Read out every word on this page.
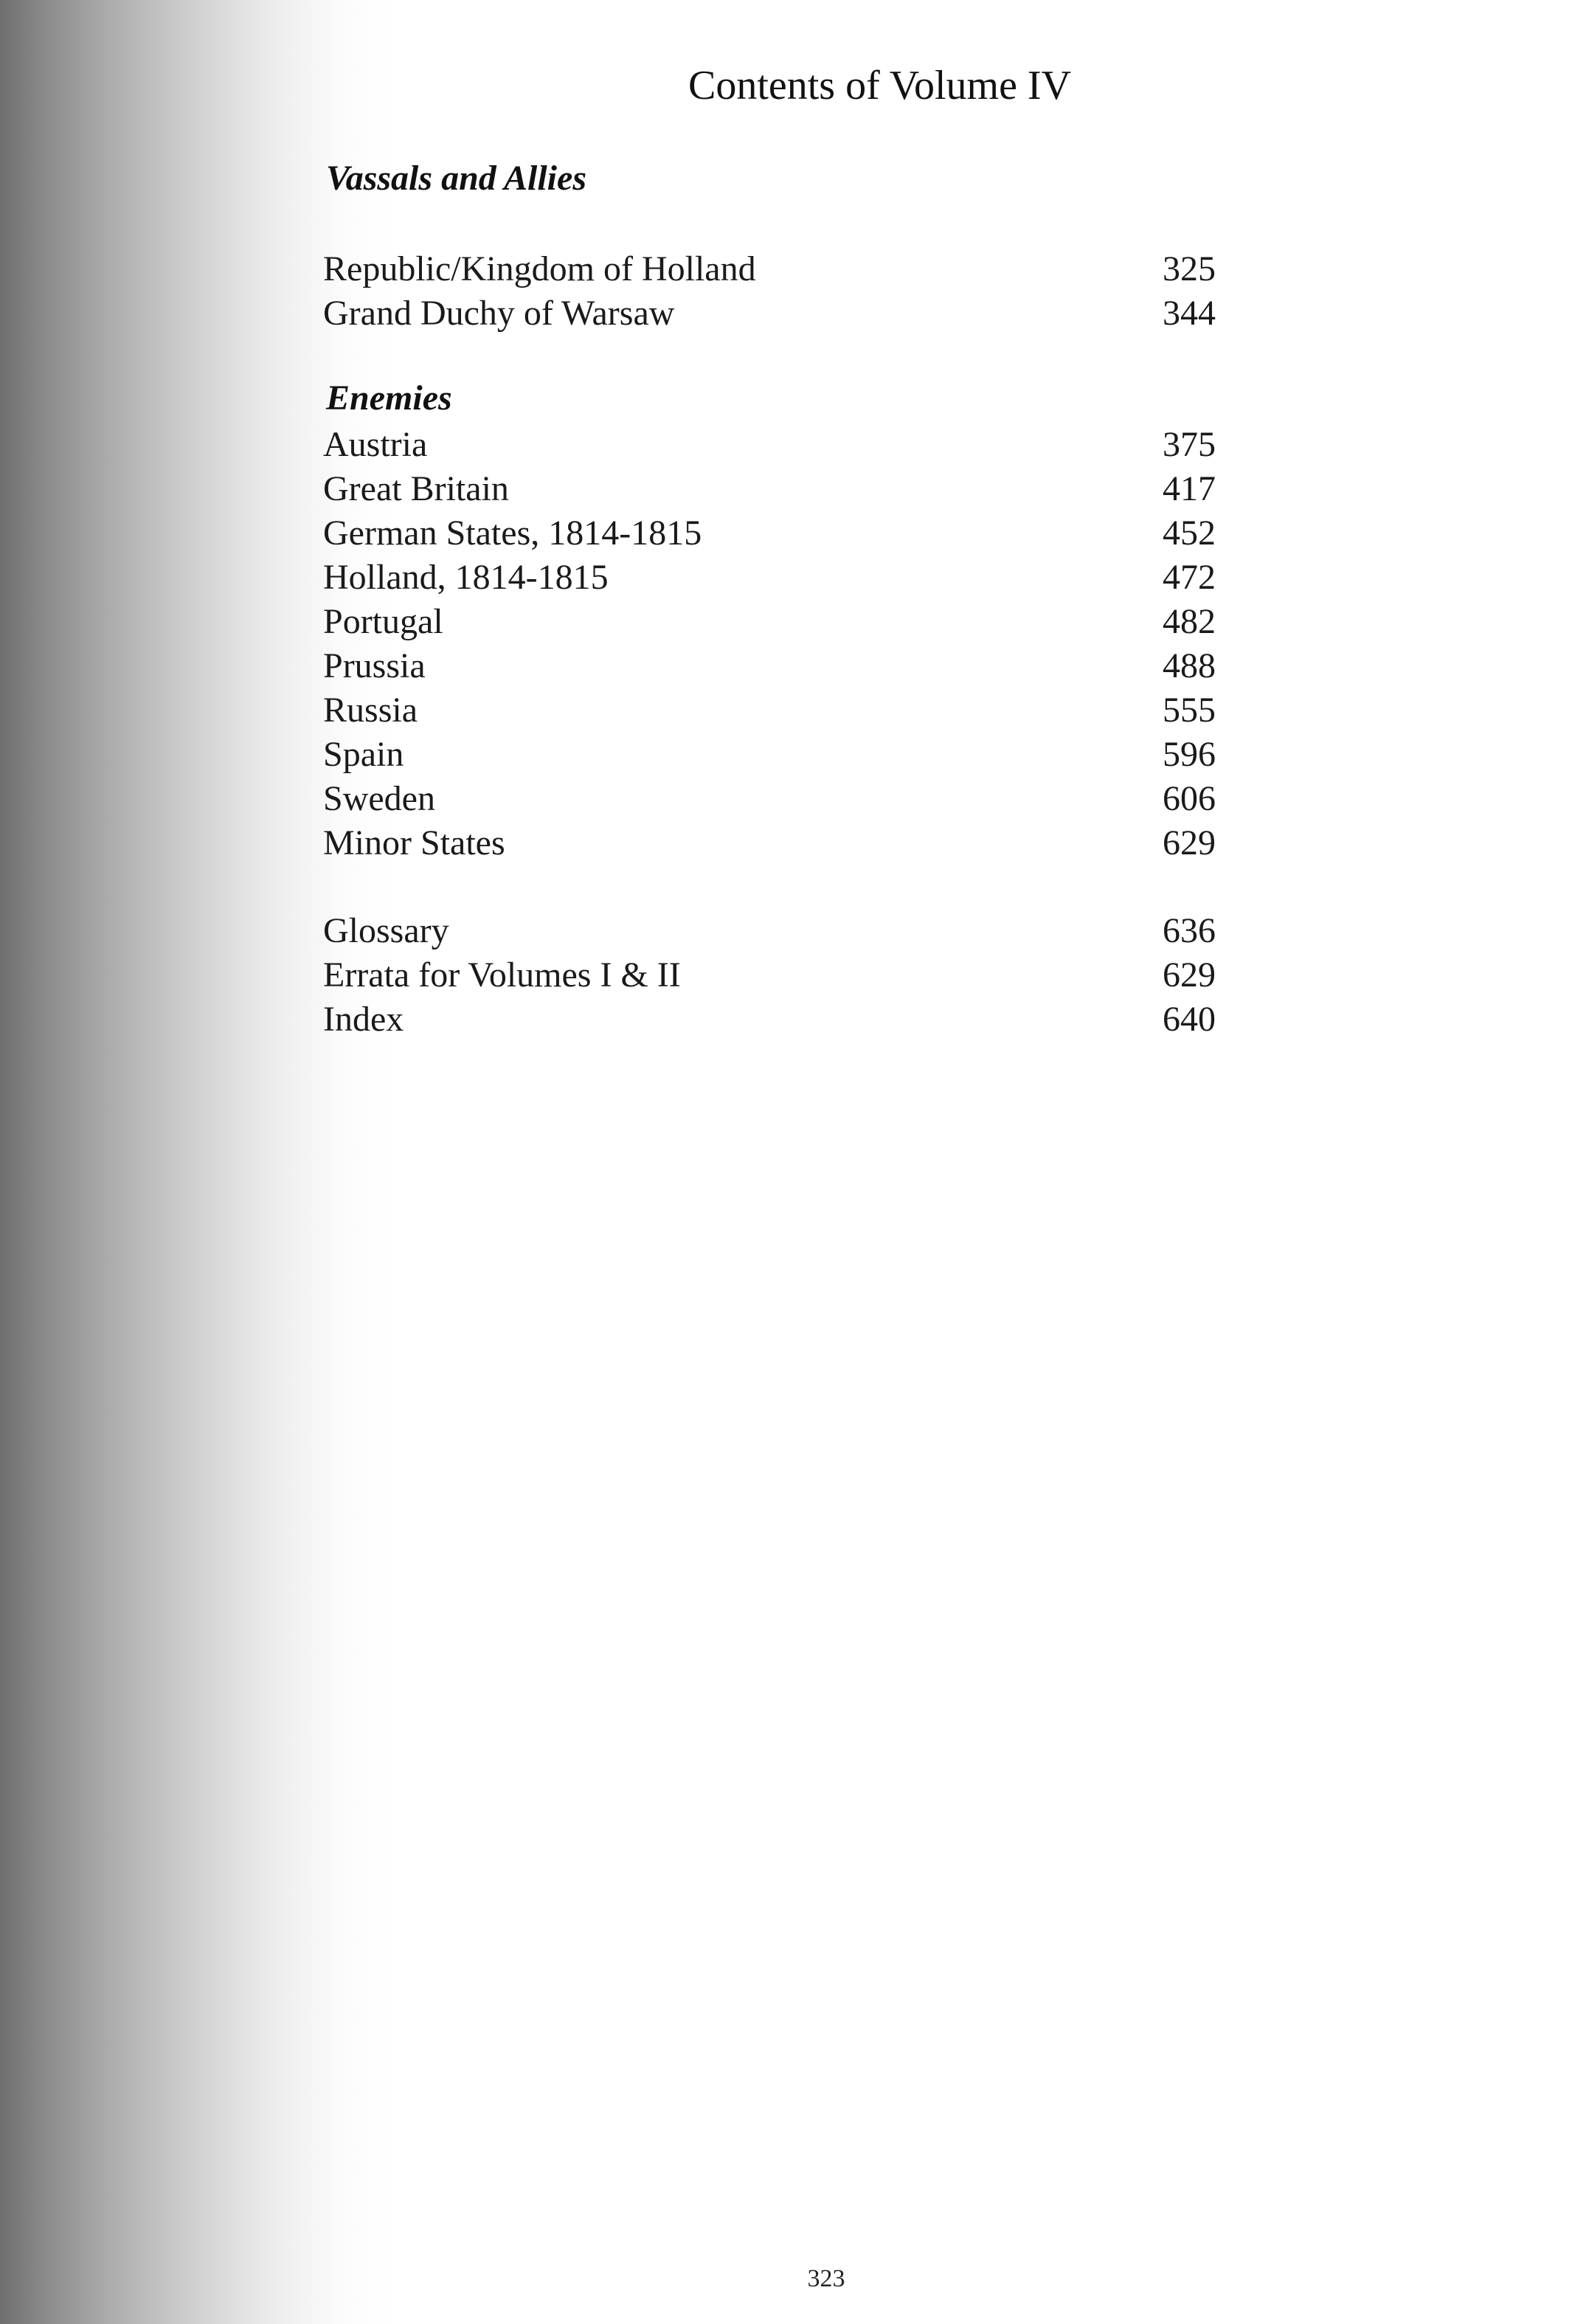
Contents of Volume IV
Vassals and Allies
Republic/Kingdom of Holland	325
Grand Duchy of Warsaw	344
Enemies
Austria	375
Great Britain	417
German States, 1814-1815	452
Holland, 1814-1815	472
Portugal	482
Prussia	488
Russia	555
Spain	596
Sweden	606
Minor States	629
Glossary	636
Errata for Volumes I & II	629
Index	640
323
